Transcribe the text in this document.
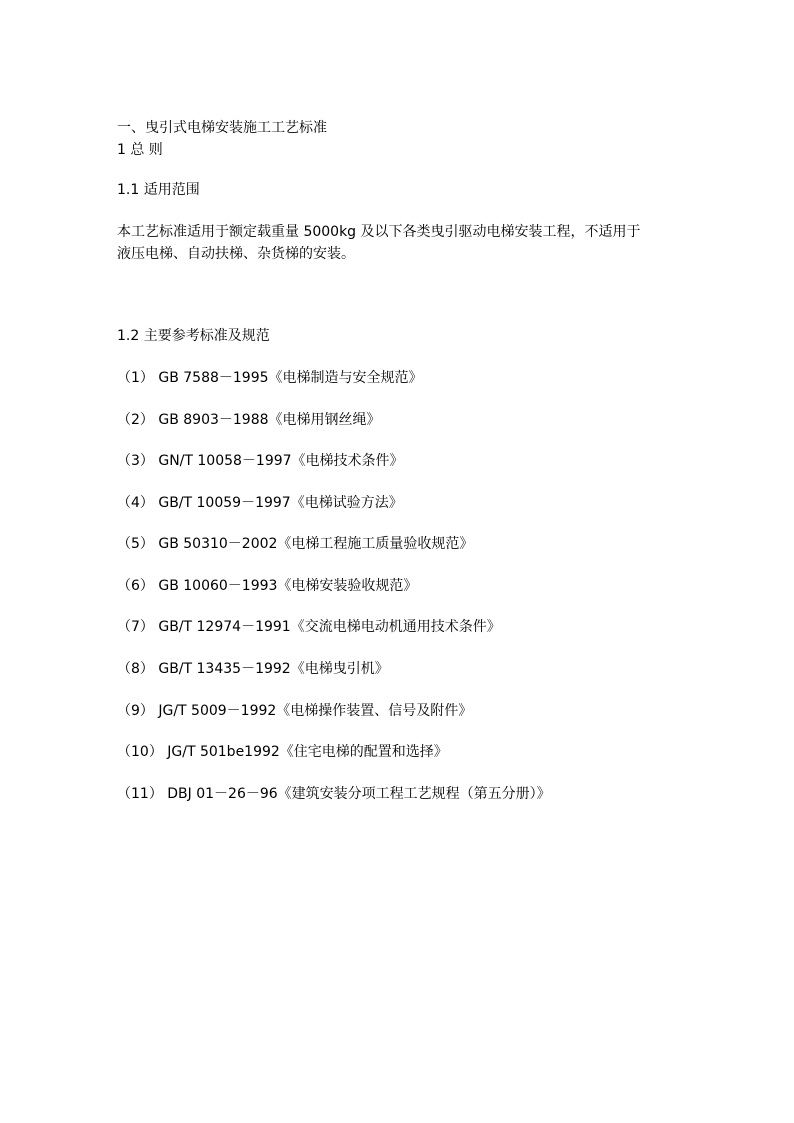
一、曳引式电梯安装施工工艺标准
1 总 则
1.1 适用范围
本工艺标准适用于额定载重量 5000kg 及以下各类曳引驱动电梯安装工程，不适用于
液压电梯、自动扶梯、杂货梯的安装。
1.2 主要参考标准及规范
（1） GB 7588－1995《电梯制造与安全规范》
（2） GB 8903－1988《电梯用钢丝绳》
（3） GN/T 10058－1997《电梯技术条件》
（4） GB/T 10059－1997《电梯试验方法》
（5） GB 50310－2002《电梯工程施工质量验收规范》
（6） GB 10060－1993《电梯安装验收规范》
（7） GB/T 12974－1991《交流电梯电动机通用技术条件》
（8） GB/T 13435－1992《电梯曳引机》
（9） JG/T 5009－1992《电梯操作装置、信号及附件》
（10） JG/T 501be1992《住宅电梯的配置和选择》
（11） DBJ 01－26－96《建筑安装分项工程工艺规程（第五分册）》
